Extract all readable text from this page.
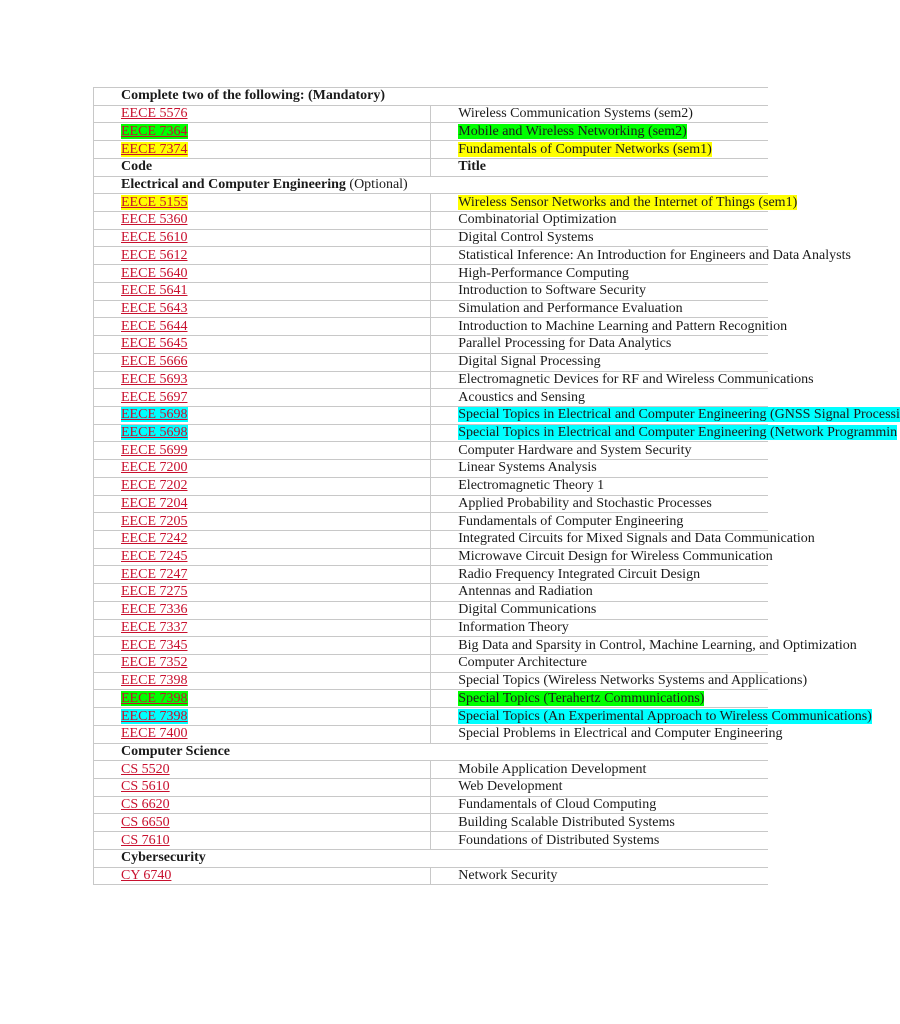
Complete two of the following: (Mandatory)	
EECE 5576	Wireless Communication Systems (sem2)
EECE 7364	Mobile and Wireless Networking (sem2)
EECE 7374	Fundamentals of Computer Networks (sem1)
Code	Title
Electrical and Computer Engineering (Optional)	
EECE 5155	Wireless Sensor Networks and the Internet of Things (sem1)
EECE 5360	Combinatorial Optimization
EECE 5610	Digital Control Systems
EECE 5612	Statistical Inference: An Introduction for Engineers and Data Analysts
EECE 5640	High-Performance Computing
EECE 5641	Introduction to Software Security
EECE 5643	Simulation and Performance Evaluation
EECE 5644	Introduction to Machine Learning and Pattern Recognition
EECE 5645	Parallel Processing for Data Analytics
EECE 5666	Digital Signal Processing
EECE 5693	Electromagnetic Devices for RF and Wireless Communications
EECE 5697	Acoustics and Sensing
EECE 5698	Special Topics in Electrical and Computer Engineering (GNSS Signal Processi
EECE 5698	Special Topics in Electrical and Computer Engineering (Network Programmin
EECE 5699	Computer Hardware and System Security
EECE 7200	Linear Systems Analysis
EECE 7202	Electromagnetic Theory 1
EECE 7204	Applied Probability and Stochastic Processes
EECE 7205	Fundamentals of Computer Engineering
EECE 7242	Integrated Circuits for Mixed Signals and Data Communication
EECE 7245	Microwave Circuit Design for Wireless Communication
EECE 7247	Radio Frequency Integrated Circuit Design
EECE 7275	Antennas and Radiation
EECE 7336	Digital Communications
EECE 7337	Information Theory
EECE 7345	Big Data and Sparsity in Control, Machine Learning, and Optimization
EECE 7352	Computer Architecture
EECE 7398	Special Topics (Wireless Networks Systems and Applications)
EECE 7398	Special Topics (Terahertz Communications)
EECE 7398	Special Topics (An Experimental Approach to Wireless Communications)
EECE 7400	Special Problems in Electrical and Computer Engineering
Computer Science	
CS 5520	Mobile Application Development
CS 5610	Web Development
CS 6620	Fundamentals of Cloud Computing
CS 6650	Building Scalable Distributed Systems
CS 7610	Foundations of Distributed Systems
Cybersecurity	
CY 6740	Network Security
